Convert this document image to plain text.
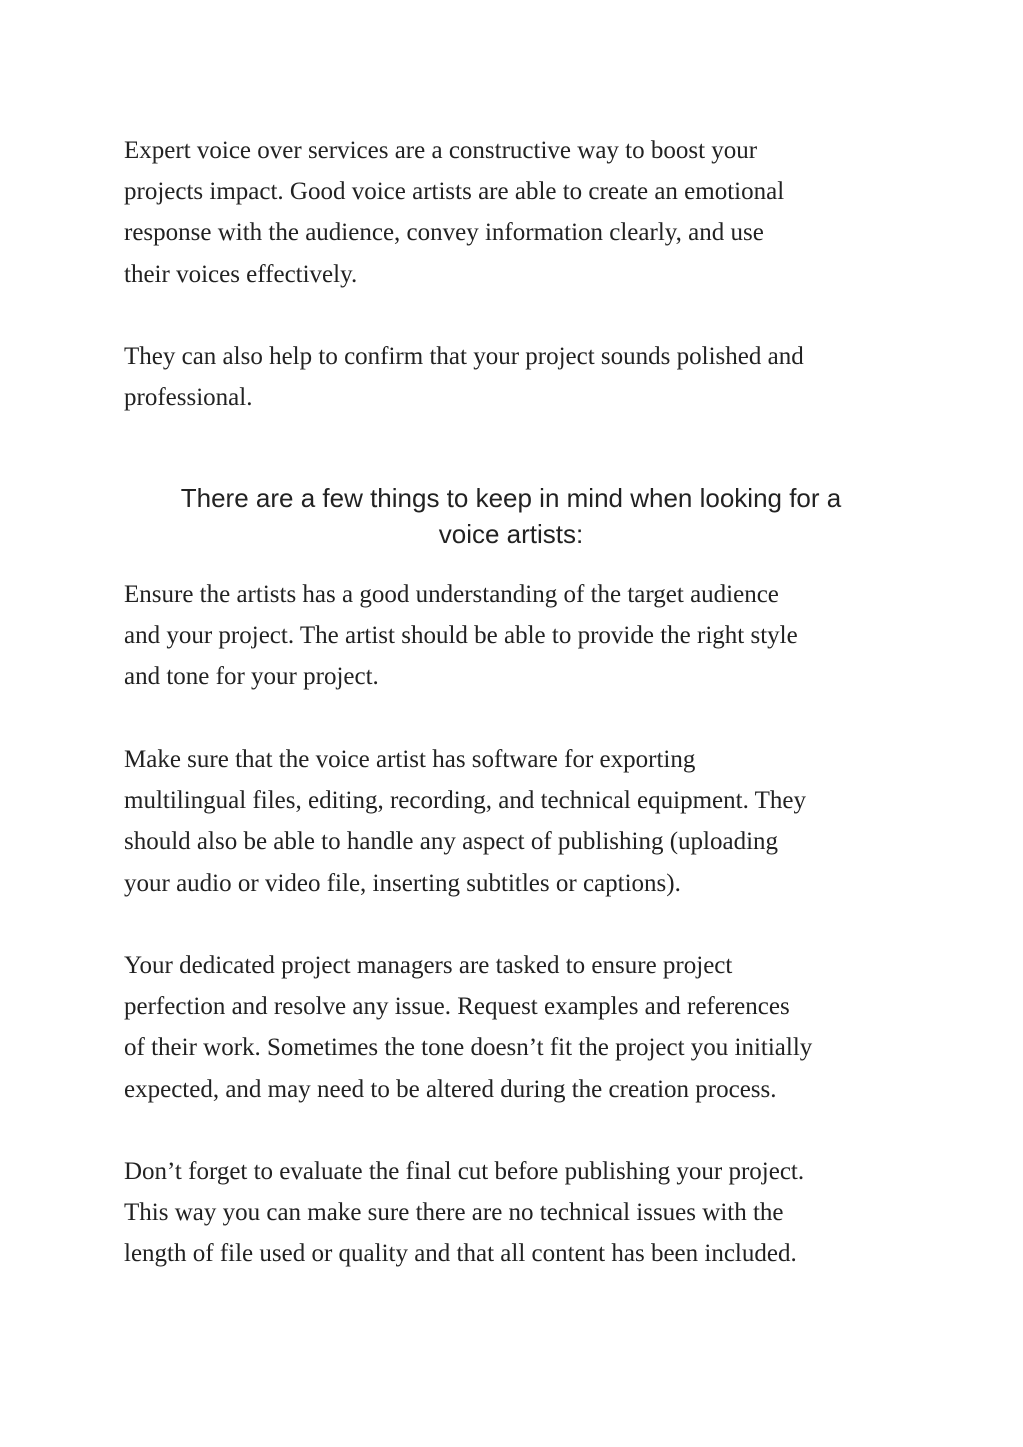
Expert voice over services are a constructive way to boost your
projects impact. Good voice artists are able to create an emotional
response with the audience, convey information clearly, and use
their voices effectively.

They can also help to confirm that your project sounds polished and
professional.

There are a few things to keep in mind when looking for a
voice artists:

Ensure the artists has a good understanding of the target audience
and your project. The artist should be able to provide the right style
and tone for your project.

Make sure that the voice artist has software for exporting
multilingual files, editing, recording, and technical equipment. They
should also be able to handle any aspect of publishing (uploading
your audio or video file, inserting subtitles or captions).

Your dedicated project managers are tasked to ensure project
perfection and resolve any issue. Request examples and references
of their work. Sometimes the tone doesn’t fit the project you initially
expected, and may need to be altered during the creation process.

Don’t forget to evaluate the final cut before publishing your project.
This way you can make sure there are no technical issues with the
length of file used or quality and that all content has been included.
